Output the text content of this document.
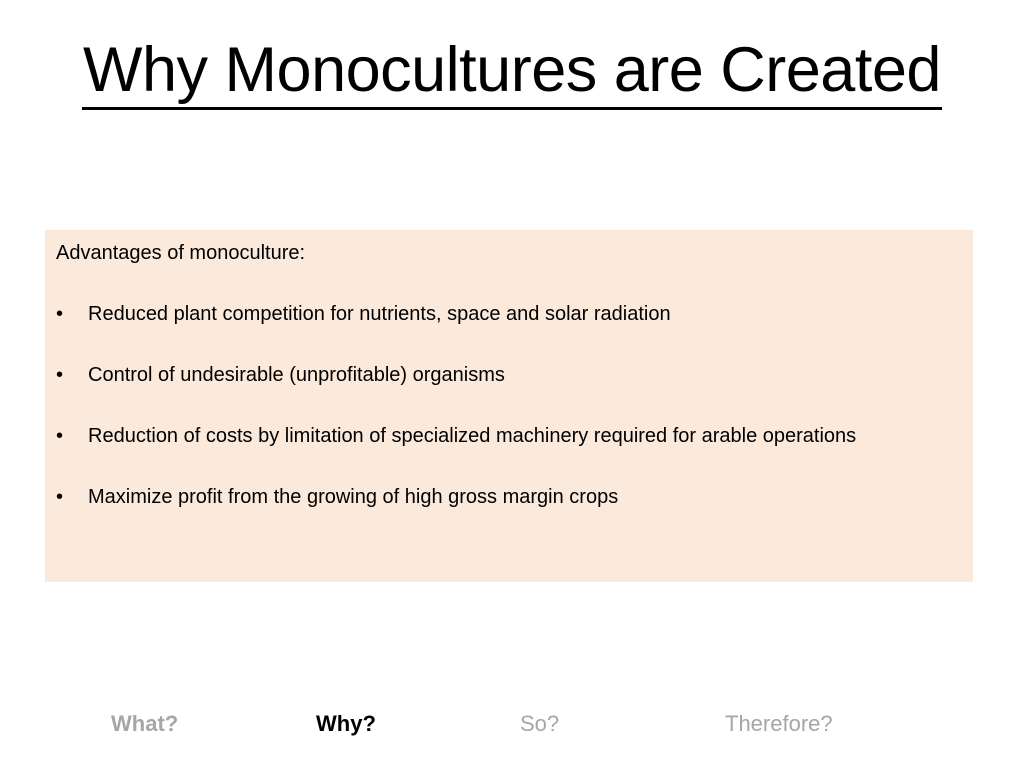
Why Monocultures are Created

Advantages of monoculture:

•	Reduced plant competition for nutrients, space and solar radiation
•	Control of undesirable (unprofitable) organisms
•	Reduction of costs by limitation of specialized machinery required for arable operations
•	Maximize profit from the growing of high gross margin crops
What?	Why?	So?	Therefore?
